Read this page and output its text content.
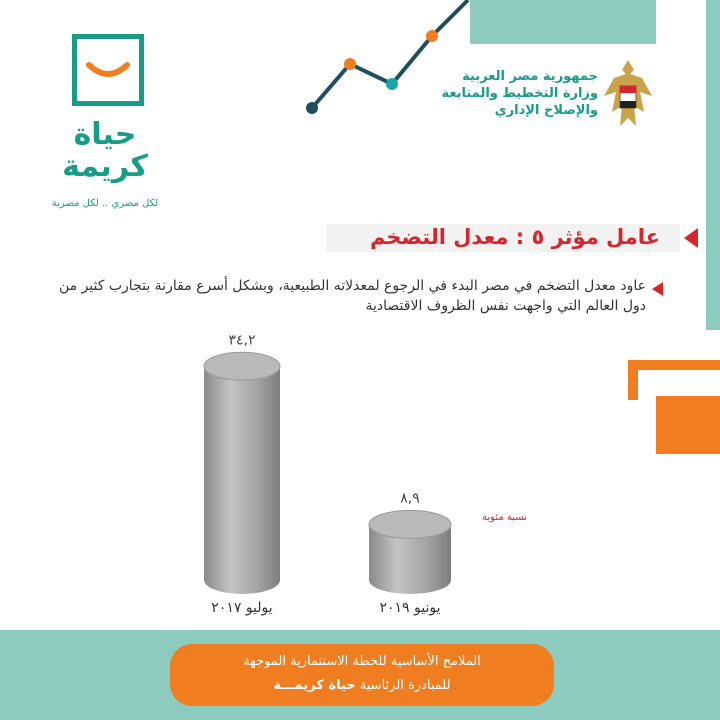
حياة
كريمة
لكل مصري .. لكل مصرية
جمهورية مصر العربية
وزارة التخطيط والمتابعة
والإصلاح الإداري
عامل مؤثر ٥ : معدل التضخم
عاود معدل التضخم في مصر البدء في الرجوع لمعدلاته الطبيعية، وبشكل أسرع مقارنة بتجارب كثير من دول العالم التي واجهت نفس الظروف الاقتصادية
٣٤,٢
يوليو ٢٠١٧
٨,٩
يونيو ٢٠١٩
نسبة مئوية
الملامح الأساسية للخطة الاستثمارية الموجهة
للمبادرة الرئاسية حياة كريمـــة
